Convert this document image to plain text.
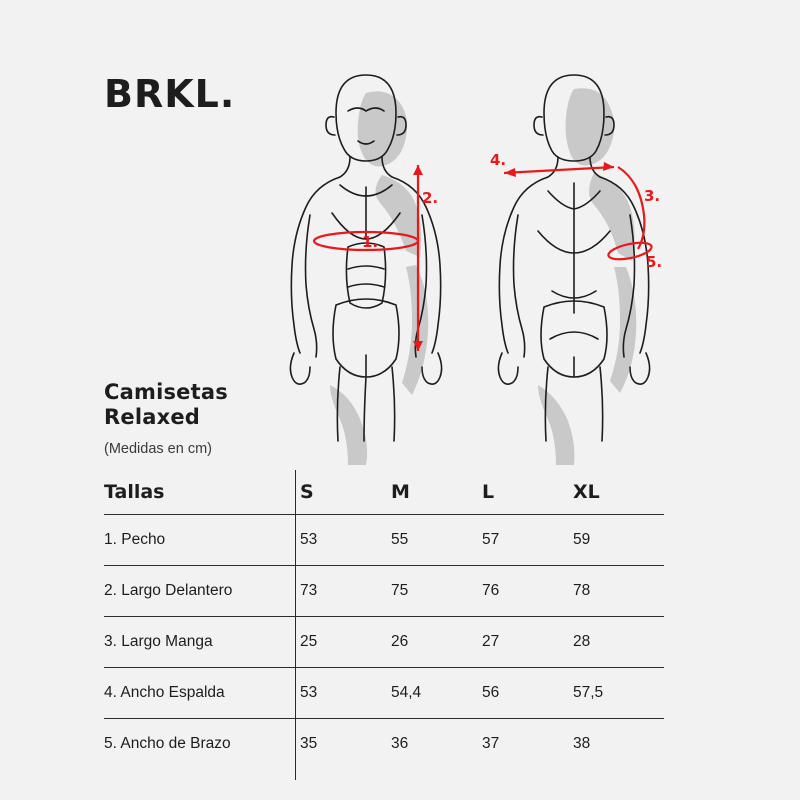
BRKL.
1.
2.
4.
3.
5.
Camisetas
Relaxed
(Medidas en cm)
Tallas	S	M	L	XL
1. Pecho	53	55	57	59
2. Largo Delantero	73	75	76	78
3. Largo Manga	25	26	27	28
4. Ancho Espalda	53	54,4	56	57,5
5. Ancho de Brazo	35	36	37	38
